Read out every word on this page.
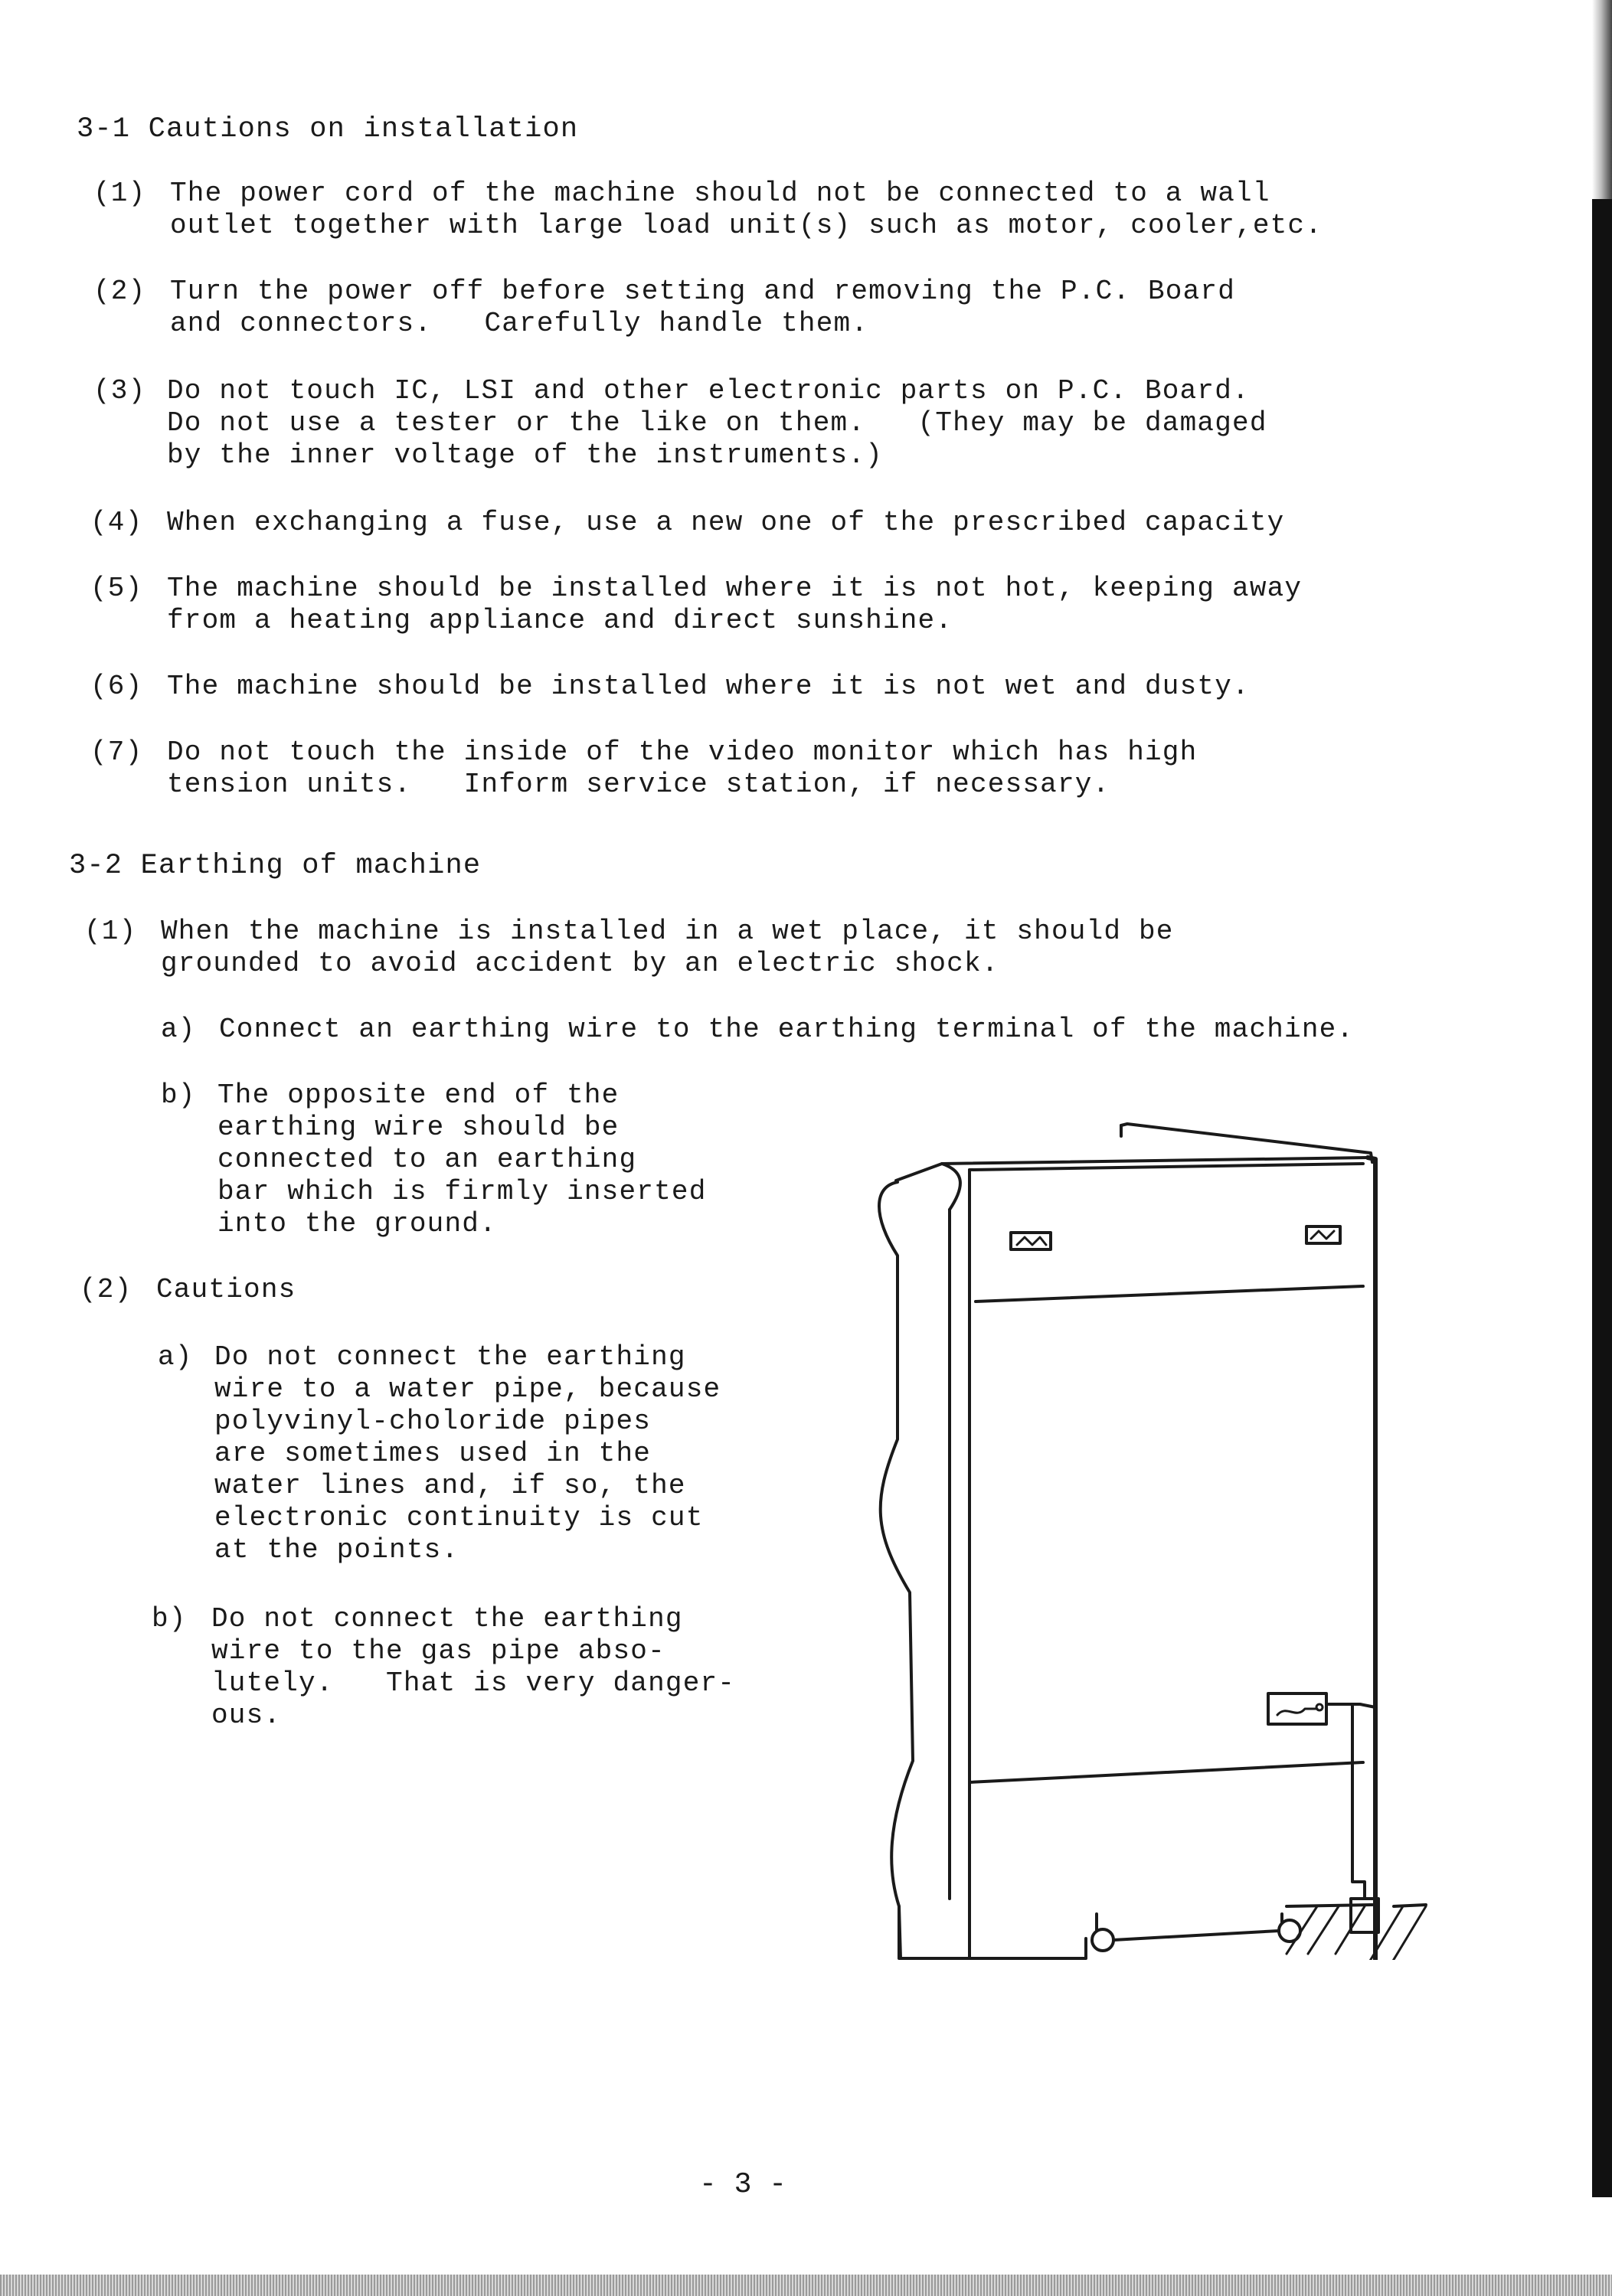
3-1 Cautions on installation
(1) The power cord of the machine should not be connected to a wall
outlet together with large load unit(s) such as motor, cooler,etc.
(2) Turn the power off before setting and removing the P.C. Board
and connectors.   Carefully handle them.
(3) Do not touch IC, LSI and other electronic parts on P.C. Board.
Do not use a tester or the like on them.   (They may be damaged
by the inner voltage of the instruments.)
(4) When exchanging a fuse, use a new one of the prescribed capacity
(5) The machine should be installed where it is not hot, keeping away
from a heating appliance and direct sunshine.
(6) The machine should be installed where it is not wet and dusty.
(7) Do not touch the inside of the video monitor which has high
tension units.   Inform service station, if necessary.
3-2 Earthing of machine
(1) When the machine is installed in a wet place, it should be
grounded to avoid accident by an electric shock.
a) Connect an earthing wire to the earthing terminal of the machine.
b) The opposite end of the
earthing wire should be
connected to an earthing
bar which is firmly inserted
into the ground.
(2) Cautions
a) Do not connect the earthing
wire to a water pipe, because
polyvinyl-choloride pipes
are sometimes used in the
water lines and, if so, the
electronic continuity is cut
at the points.
b) Do not connect the earthing
wire to the gas pipe abso-
lutely.   That is very danger-
ous.
- 3 -
